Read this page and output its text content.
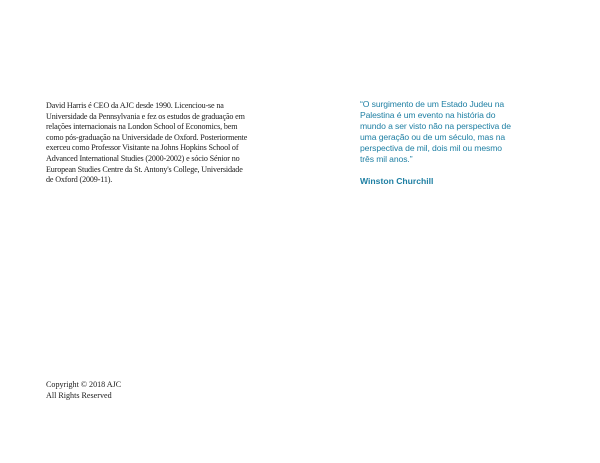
David Harris é CEO da AJC desde 1990. Licenciou-se na
Universidade da Pennsylvania e fez os estudos de graduação em
relações internacionais na London School of Economics, bem
como pós-graduação na Universidade de Oxford. Posteriormente
exerceu como Professor Visitante na Johns Hopkins School of
Advanced International Studies (2000-2002) e sócio Sénior no
European Studies Centre da St. Antony's College, Universidade
de Oxford (2009-11).

Copyright © 2018 AJC
All Rights Reserved

“O surgimento de um Estado Judeu na
Palestina é um evento na história do
mundo a ser visto não na perspectiva de
uma geração ou de um século, mas na
perspectiva de mil, dois mil ou mesmo
três mil anos.”

Winston Churchill
